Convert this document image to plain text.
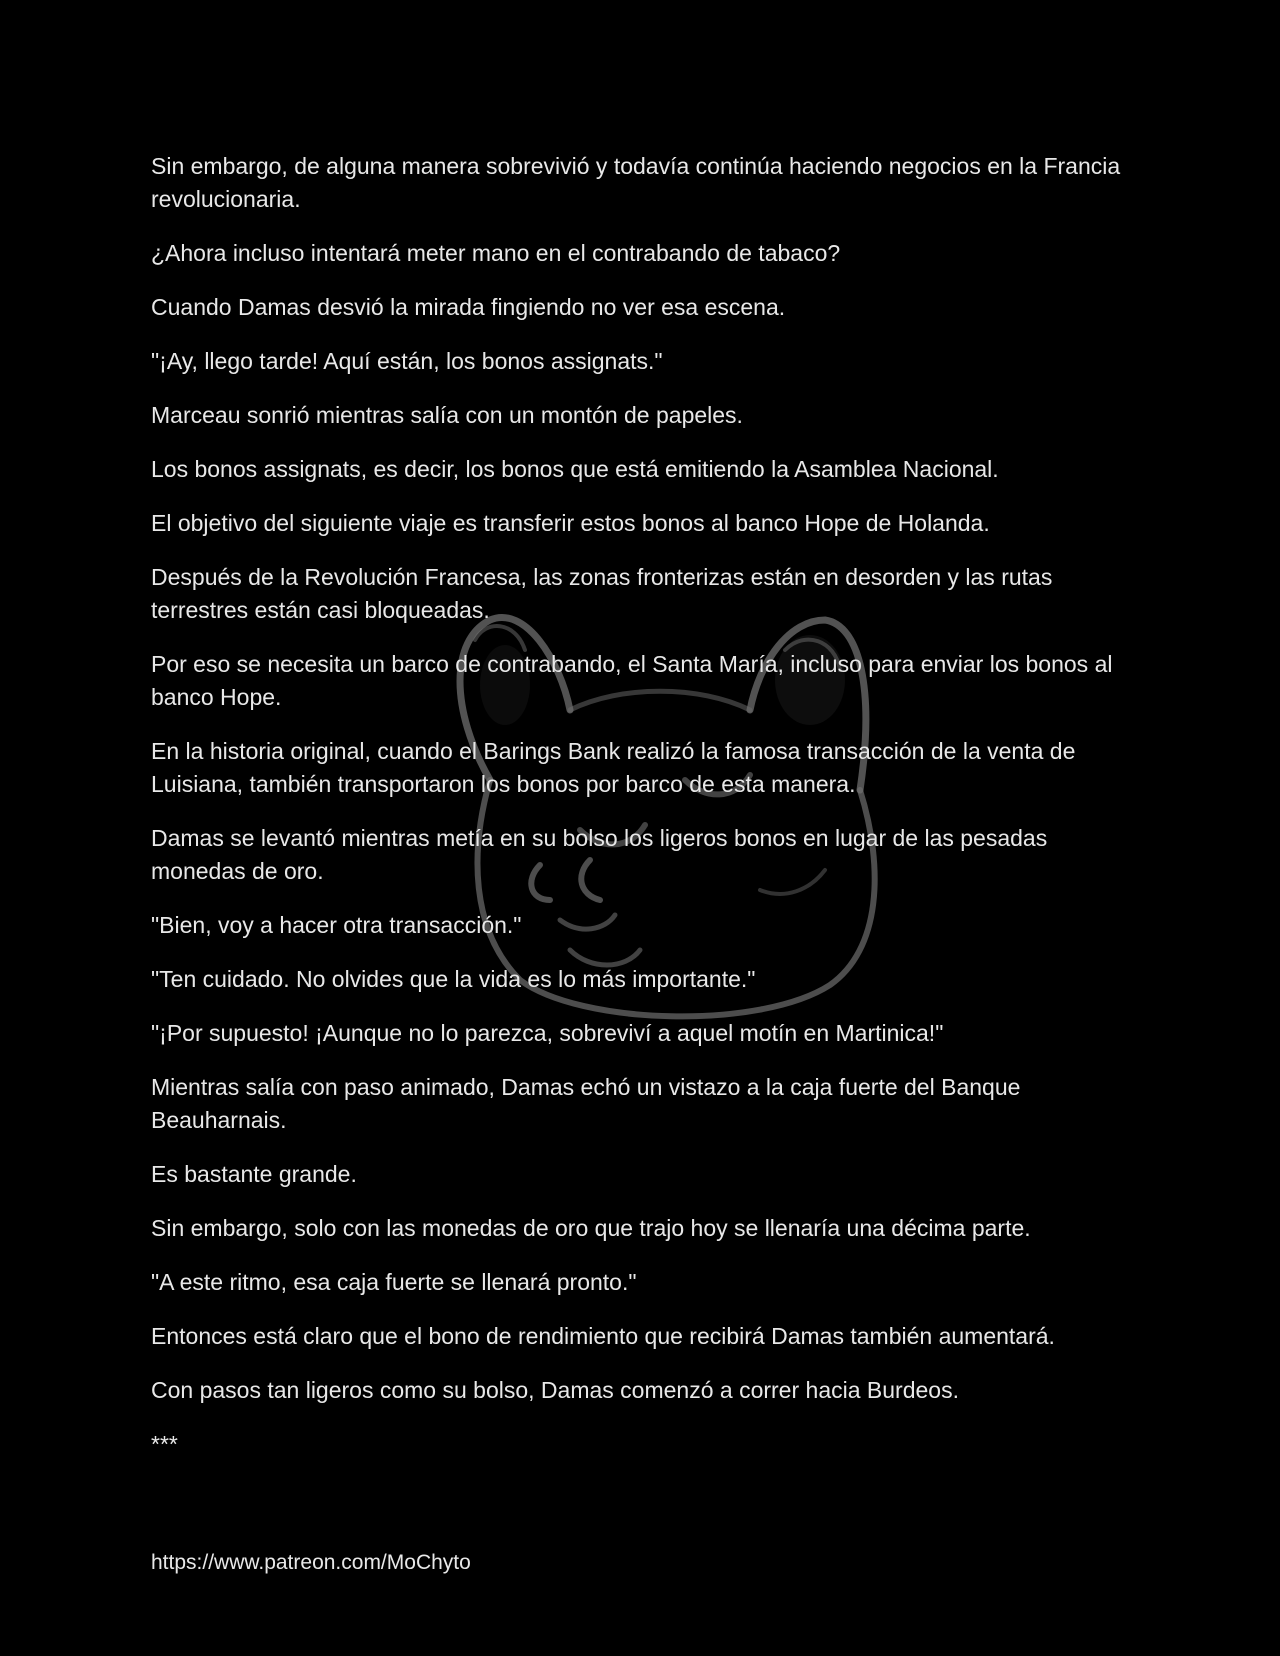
Sin embargo, de alguna manera sobrevivió y todavía continúa haciendo negocios en la Francia revolucionaria.

¿Ahora incluso intentará meter mano en el contrabando de tabaco?

Cuando Damas desvió la mirada fingiendo no ver esa escena.

"¡Ay, llego tarde! Aquí están, los bonos assignats."

Marceau sonrió mientras salía con un montón de papeles.

Los bonos assignats, es decir, los bonos que está emitiendo la Asamblea Nacional.

El objetivo del siguiente viaje es transferir estos bonos al banco Hope de Holanda.

Después de la Revolución Francesa, las zonas fronterizas están en desorden y las rutas terrestres están casi bloqueadas.

Por eso se necesita un barco de contrabando, el Santa María, incluso para enviar los bonos al banco Hope.

En la historia original, cuando el Barings Bank realizó la famosa transacción de la venta de Luisiana, también transportaron los bonos por barco de esta manera.

Damas se levantó mientras metía en su bolso los ligeros bonos en lugar de las pesadas monedas de oro.

"Bien, voy a hacer otra transacción."

"Ten cuidado. No olvides que la vida es lo más importante."

"¡Por supuesto! ¡Aunque no lo parezca, sobreviví a aquel motín en Martinica!"

Mientras salía con paso animado, Damas echó un vistazo a la caja fuerte del Banque Beauharnais.

Es bastante grande.

Sin embargo, solo con las monedas de oro que trajo hoy se llenaría una décima parte.

"A este ritmo, esa caja fuerte se llenará pronto."

Entonces está claro que el bono de rendimiento que recibirá Damas también aumentará.

Con pasos tan ligeros como su bolso, Damas comenzó a correr hacia Burdeos.

***

https://www.patreon.com/MoChyto
